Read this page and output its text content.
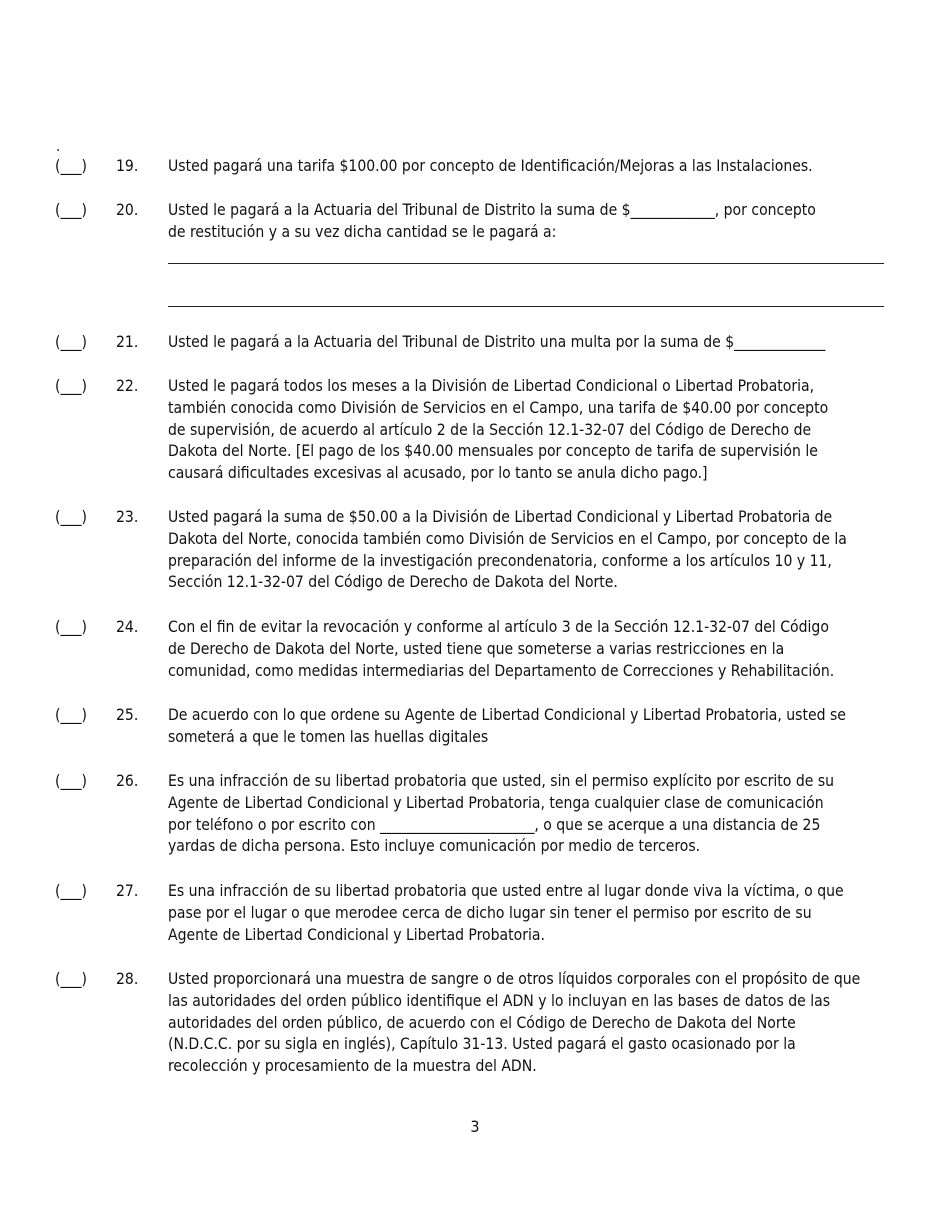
.
(___) 19. Usted pagará una tarifa $100.00 por concepto de Identificación/Mejoras a las Instalaciones.
(___) 20. Usted le pagará a la Actuaria del Tribunal de Distrito la suma de $____________, por concepto
de restitución y a su vez dicha cantidad se le pagará a:
(___) 21. Usted le pagará a la Actuaria del Tribunal de Distrito una multa por la suma de $_____________
(___) 22. Usted le pagará todos los meses a la División de Libertad Condicional o Libertad Probatoria,
también conocida como División de Servicios en el Campo, una tarifa de $40.00 por concepto
de supervisión, de acuerdo al artículo 2 de la Sección 12.1-32-07 del Código de Derecho de
Dakota del Norte. [El pago de los $40.00 mensuales por concepto de tarifa de supervisión le
causará dificultades excesivas al acusado, por lo tanto se anula dicho pago.]
(___) 23. Usted pagará la suma de $50.00 a la División de Libertad Condicional y Libertad Probatoria de
Dakota del Norte, conocida también como División de Servicios en el Campo, por concepto de la
preparación del informe de la investigación precondenatoria, conforme a los artículos 10 y 11,
Sección 12.1-32-07 del Código de Derecho de Dakota del Norte.
(___) 24. Con el fin de evitar la revocación y conforme al artículo 3 de la Sección 12.1-32-07 del Código
de Derecho de Dakota del Norte, usted tiene que someterse a varias restricciones en la
comunidad, como medidas intermediarias del Departamento de Correcciones y Rehabilitación.
(___) 25. De acuerdo con lo que ordene su Agente de Libertad Condicional y Libertad Probatoria, usted se
someterá a que le tomen las huellas digitales
(___) 26. Es una infracción de su libertad probatoria que usted, sin el permiso explícito por escrito de su
Agente de Libertad Condicional y Libertad Probatoria, tenga cualquier clase de comunicación
por teléfono o por escrito con ______________________, o que se acerque a una distancia de 25
yardas de dicha persona. Esto incluye comunicación por medio de terceros.
(___) 27. Es una infracción de su libertad probatoria que usted entre al lugar donde viva la víctima, o que
pase por el lugar o que merodee cerca de dicho lugar sin tener el permiso por escrito de su
Agente de Libertad Condicional y Libertad Probatoria.
(___) 28. Usted proporcionará una muestra de sangre o de otros líquidos corporales con el propósito de que
las autoridades del orden público identifique el ADN y lo incluyan en las bases de datos de las
autoridades del orden público, de acuerdo con el Código de Derecho de Dakota del Norte
(N.D.C.C. por su sigla en inglés), Capítulo 31-13. Usted pagará el gasto ocasionado por la
recolección y procesamiento de la muestra del ADN.
3
